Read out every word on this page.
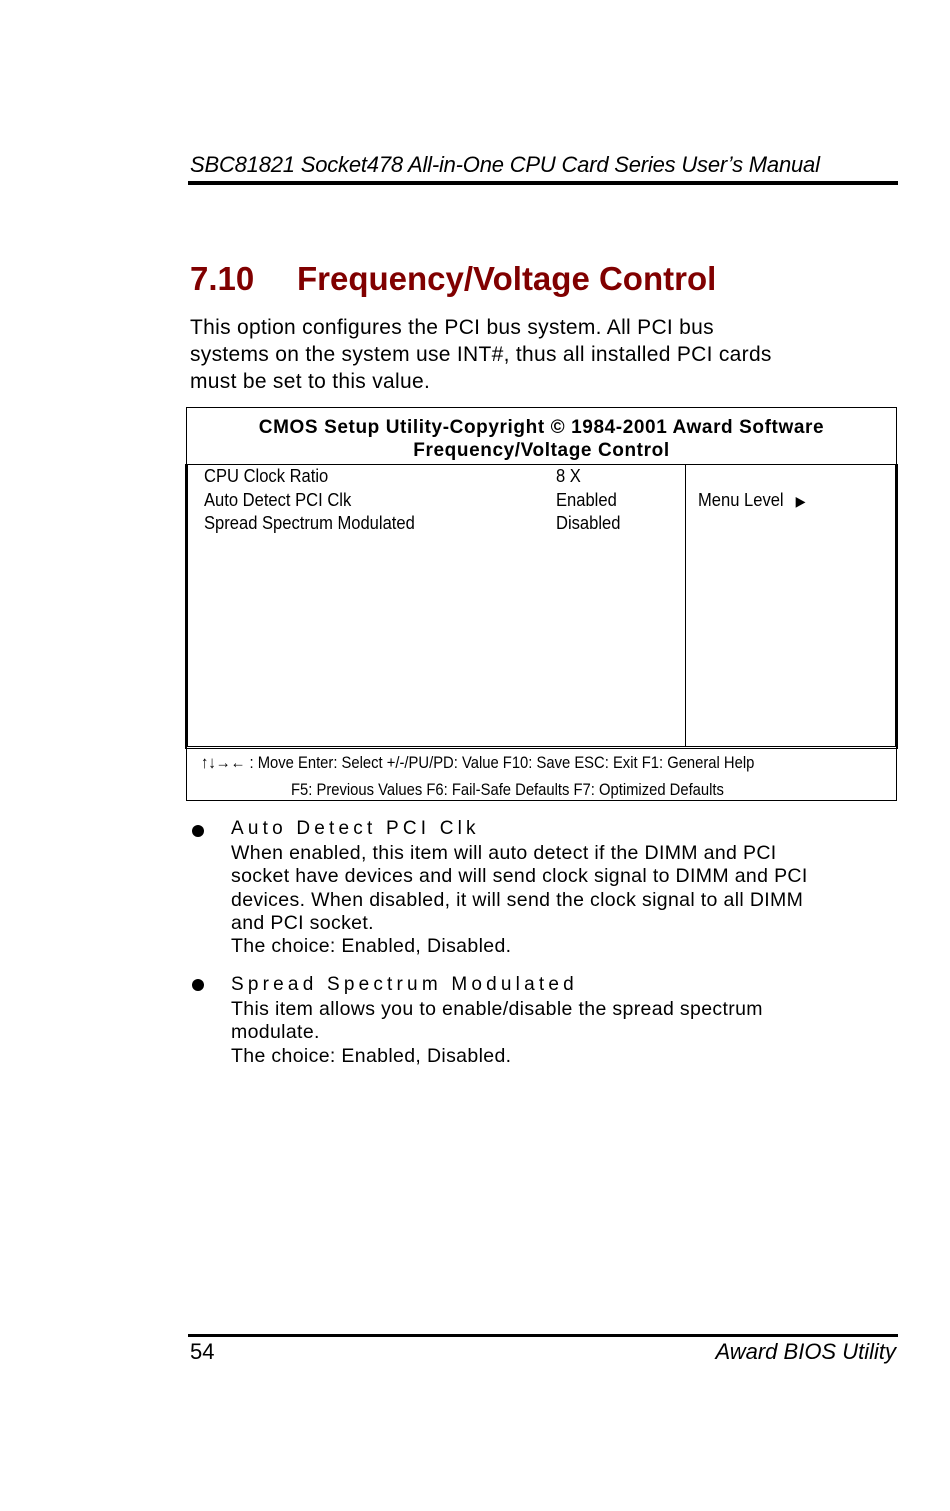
SBC81821 Socket478 All-in-One CPU Card Series User’s Manual
7.10 Frequency/Voltage Control
This option configures the PCI bus system. All PCI bus
systems on the system use INT#, thus all installed PCI cards
must be set to this value.
CMOS Setup Utility-Copyright © 1984-2001 Award Software
Frequency/Voltage Control
CPU Clock Ratio	8 X
Auto Detect PCI Clk	Enabled
Spread Spectrum Modulated	Disabled
Menu Level ▶
↑↓→← : Move Enter: Select +/-/PU/PD: Value F10: Save ESC: Exit F1: General Help
F5: Previous Values F6: Fail-Safe Defaults F7: Optimized Defaults
Auto Detect PCI Clk
When enabled, this item will auto detect if the DIMM and PCI
socket have devices and will send clock signal to DIMM and PCI
devices. When disabled, it will send the clock signal to all DIMM
and PCI socket.
The choice: Enabled, Disabled.
Spread Spectrum Modulated
This item allows you to enable/disable the spread spectrum
modulate.
The choice: Enabled, Disabled.
54	Award BIOS Utility
